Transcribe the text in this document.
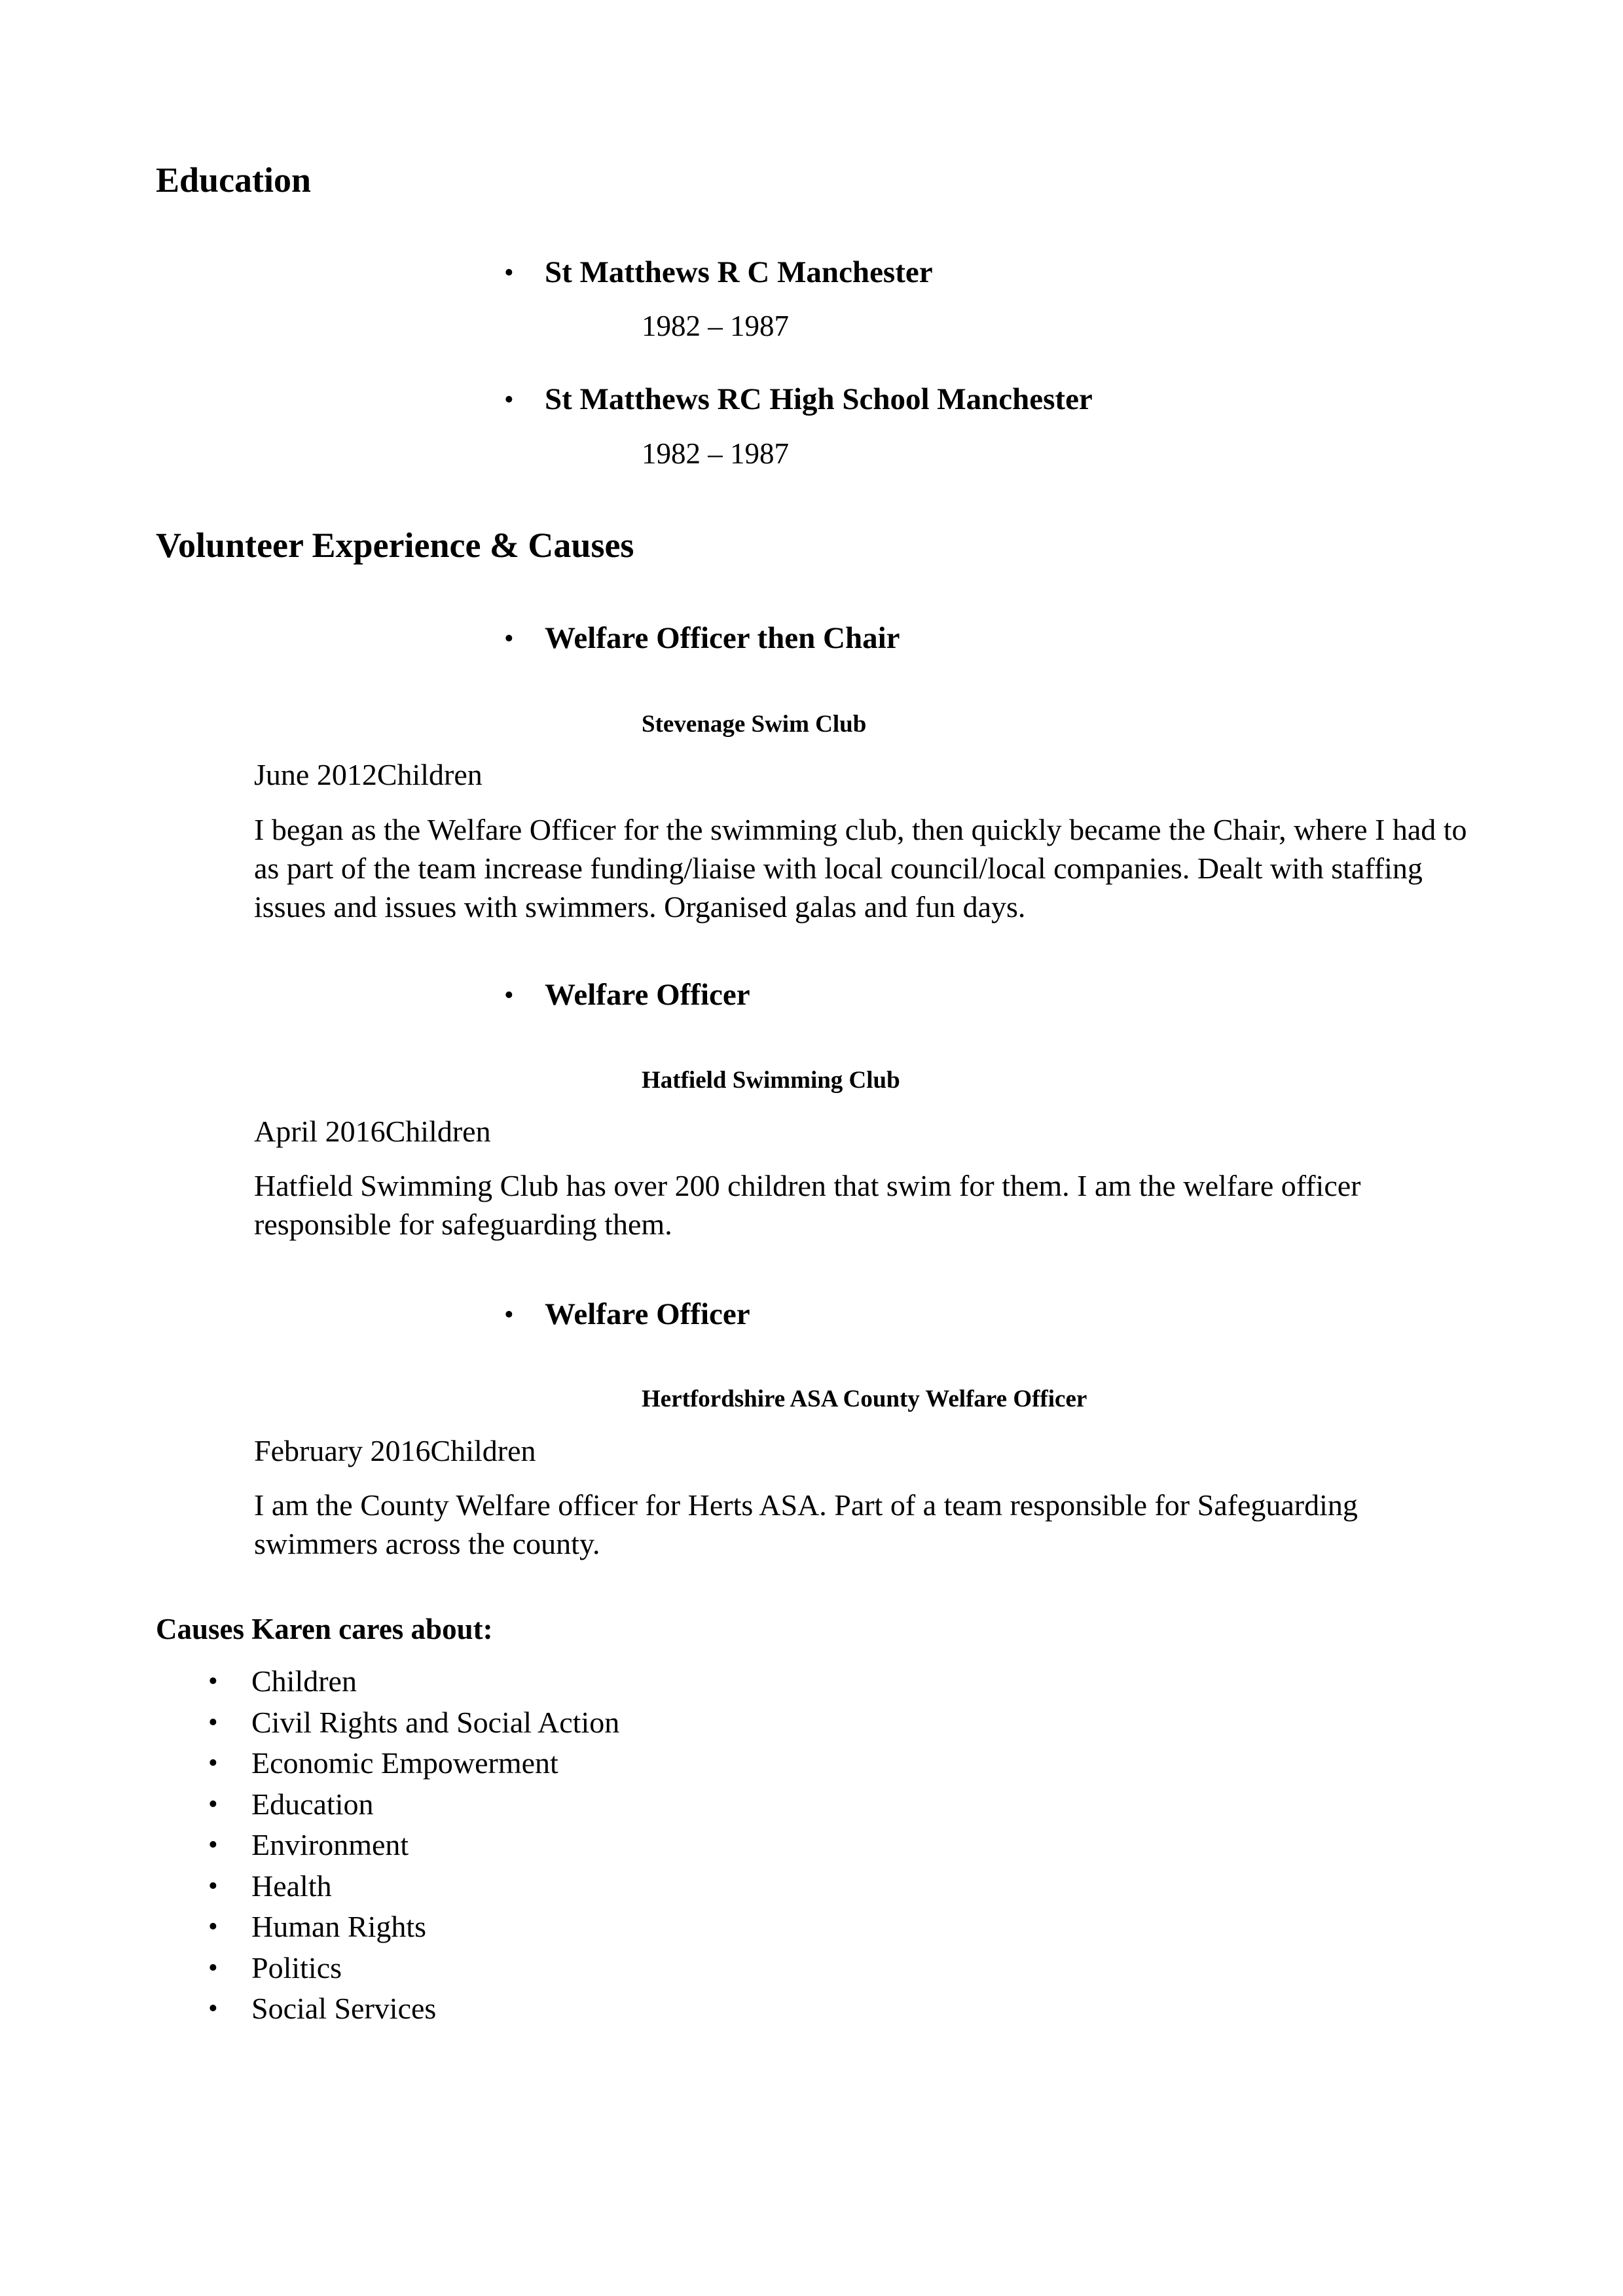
Education
• St Matthews R C Manchester
1982 – 1987
• St Matthews RC High School Manchester
1982 – 1987
Volunteer Experience & Causes
• Welfare Officer then Chair
Stevenage Swim Club
June 2012Children
I began as the Welfare Officer for the swimming club, then quickly became the Chair, where I had to as part of the team increase funding/liaise with local council/local companies. Dealt with staffing issues and issues with swimmers. Organised galas and fun days.
• Welfare Officer
Hatfield Swimming Club
April 2016Children
Hatfield Swimming Club has over 200 children that swim for them. I am the welfare officer responsible for safeguarding them.
• Welfare Officer
Hertfordshire ASA County Welfare Officer
February 2016Children
I am the County Welfare officer for Herts ASA. Part of a team responsible for Safeguarding swimmers across the county.
Causes Karen cares about:
• Children
• Civil Rights and Social Action
• Economic Empowerment
• Education
• Environment
• Health
• Human Rights
• Politics
• Social Services
